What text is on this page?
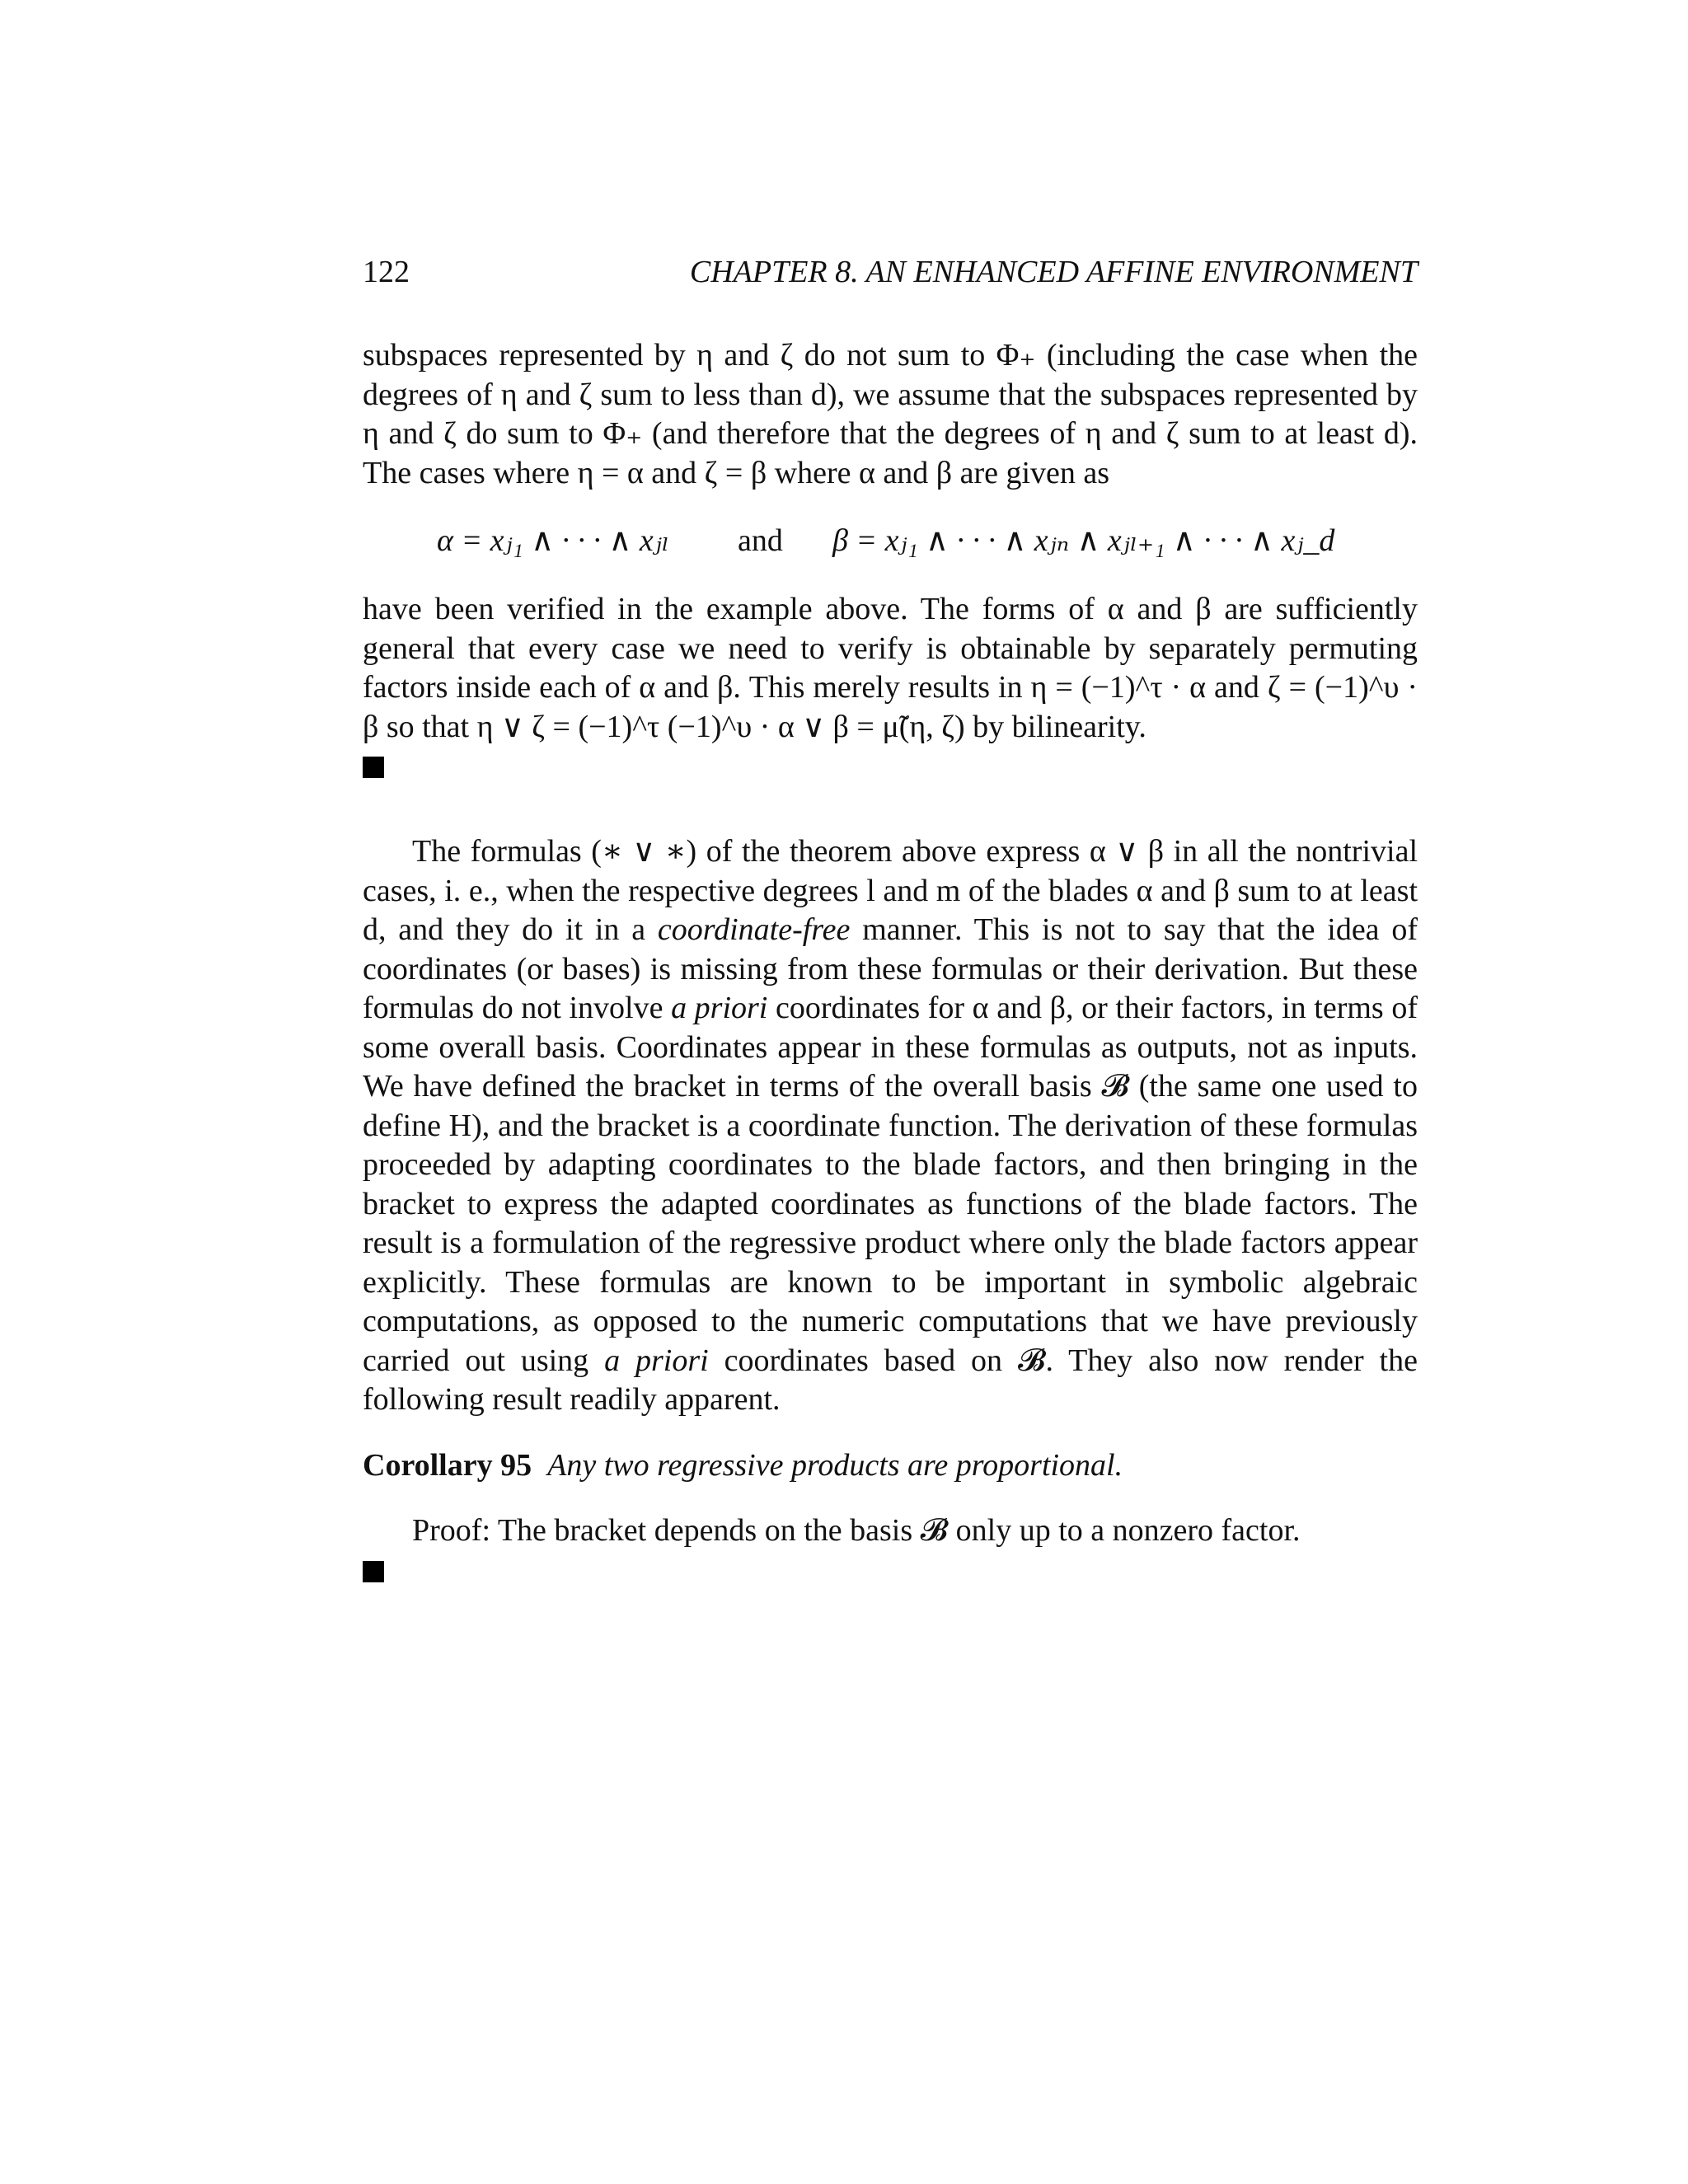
122	CHAPTER 8. AN ENHANCED AFFINE ENVIRONMENT

subspaces represented by η and ζ do not sum to Φ₊ (including the case when the degrees of η and ζ sum to less than d), we assume that the subspaces represented by η and ζ do sum to Φ₊ (and therefore that the degrees of η and ζ sum to at least d). The cases where η = α and ζ = β where α and β are given as

α = xⱼ₁ ∧ · · · ∧ xⱼₗ and β = xⱼ₁ ∧ · · · ∧ xⱼₙ ∧ xⱼₗ₊₁ ∧ · · · ∧ xⱼ_d

have been verified in the example above. The forms of α and β are sufficiently general that every case we need to verify is obtainable by separately permuting factors inside each of α and β. This merely results in η = (−1)^τ · α and ζ = (−1)^υ · β so that η ∨ ζ = (−1)^τ (−1)^υ · α ∨ β = μ̃(η, ζ) by bilinearity.

The formulas (∗ ∨ ∗) of the theorem above express α ∨ β in all the nontrivial cases, i. e., when the respective degrees l and m of the blades α and β sum to at least d, and they do it in a coordinate-free manner. This is not to say that the idea of coordinates (or bases) is missing from these formulas or their derivation. But these formulas do not involve a priori coordinates for α and β, or their factors, in terms of some overall basis. Coordinates appear in these formulas as outputs, not as inputs. We have defined the bracket in terms of the overall basis 𝓑 (the same one used to define H), and the bracket is a coordinate function. The derivation of these formulas proceeded by adapting coordinates to the blade factors, and then bringing in the bracket to express the adapted coordinates as functions of the blade factors. The result is a formulation of the regressive product where only the blade factors appear explicitly. These formulas are known to be important in symbolic algebraic computations, as opposed to the numeric computations that we have previously carried out using a priori coordinates based on 𝓑. They also now render the following result readily apparent.

Corollary 95 Any two regressive products are proportional.

Proof: The bracket depends on the basis 𝓑 only up to a nonzero factor.
